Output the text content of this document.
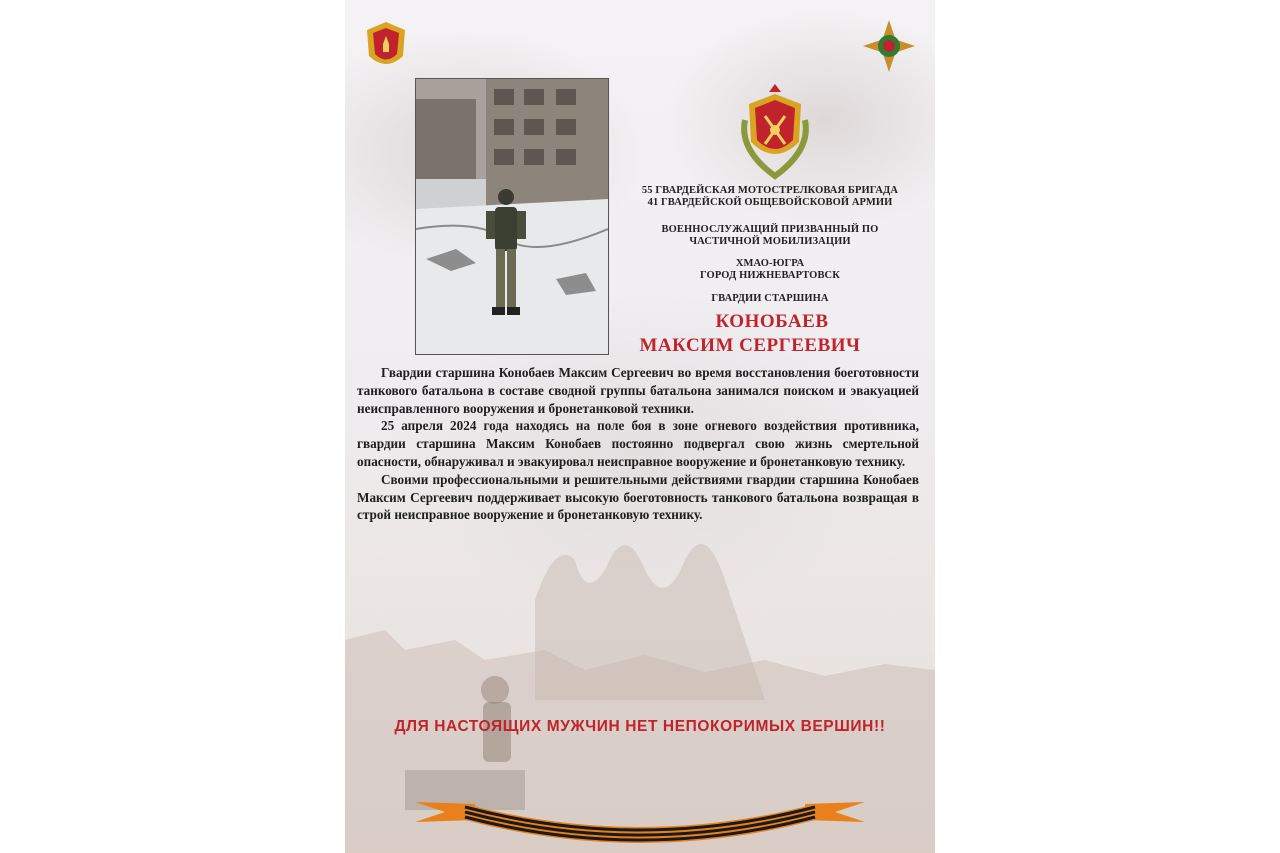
55 ГВАРДЕЙСКАЯ МОТОСТРЕЛКОВАЯ БРИГАДА

41 ГВАРДЕЙСКОЙ ОБЩЕВОЙСКОВОЙ АРМИИ

ВОЕННОСЛУЖАЩИЙ ПРИЗВАННЫЙ ПО

ЧАСТИЧНОЙ МОБИЛИЗАЦИИ

ХМАО-ЮГРА

ГОРОД НИЖНЕВАРТОВСК

ГВАРДИИ СТАРШИНА

КОНОБАЕВ
МАКСИМ СЕРГЕЕВИЧ

Гвардии старшина Конобаев Максим Сергеевич во время восстановления боеготовности танкового батальона в составе сводной группы батальона занимался поиском и эвакуацией неисправленного вооружения и бронетанковой техники.

25 апреля 2024 года находясь на поле боя в зоне огневого воздействия противника, гвардии старшина Максим Конобаев постоянно подвергал свою жизнь смертельной опасности, обнаруживал и эвакуировал неисправное вооружение и бронетанковую технику.

Своими профессиональными и решительными действиями гвардии старшина Конобаев Максим Сергеевич поддерживает высокую боеготовность танкового батальона возвращая в строй неисправное вооружение и бронетанковую технику.

ДЛЯ НАСТОЯЩИХ МУЖЧИН НЕТ НЕПОКОРИМЫХ ВЕРШИН!!
